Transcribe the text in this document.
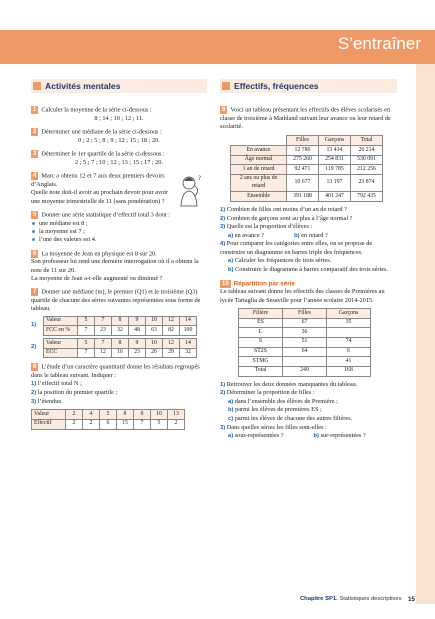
S’entraîner
Activités mentales

1 Calculer la moyenne de la série ci-dessous :

8 ; 14 ; 10 ; 12 ; 11.

2 Déterminer une médiane de la série ci-dessous :

0 ; 2 ; 5 ; 8 ; 9 ; 12 ; 15 ; 18 ; 20.

3 Déterminer le 1er quartile de la série ci-dessous :

2 ; 5 ; 7 ; 10 ; 12 ; 13 ; 15 ; 17 ; 20.

?

4 Marc a obtenu 12 et 7 aux deux premiers devoirs d’Anglais.

Quelle note doit-il avoir au prochain devoir pour avoir une moyenne trimestrielle de 11 (sans pondération) ?

5 Donner une série statistique d’effectif total 3 dont :

une médiane est 8 ;
la moyenne est 7 ;
l’une des valeurs est 4.

6 La moyenne de Jean en physique est 8 sur 20.

Son professeur lui rend une dernière interrogation où il a obtenu la note de 11 sur 20.

La moyenne de Jean a-t-elle augmenté ou diminué ?

7 Donner une médiane (m), le premier (Q1) et le troisième (Q3) quartile de chacune des séries suivantes représentées sous forme de tableau.

1)
Valeur	5	7	8	9	10	12	14
FCC en %	7	23	32	48	63	82	100
2)
Valeur	5	7	8	9	10	12	14
ECC	7	12	16	23	26	29	32

8 L’étude d’un caractère quantitatif donne les résultats regroupés dans le tableau suivant. Indiquer :

1) l’effectif total N ;

2) la position du premier quartile ;

3) l’étendue.

Valeur	2	4	5	8	9	10	13
Effectif	2	2	6	15	7	5	2
Effectifs, fréquences

9 Voici un tableau présentant les effectifs des élèves scolarisés en classe de troisième à Mathland suivant leur avance ou leur retard de scolarité.

	Filles	Garçons	Total
En avance	12 780	13 434	26 214
Âge normal	275 260	254 831	530 091
1 an de retard	92 471	119 785	212 256
2 ans ou plus de retard	10 677	13 197	23 874
Ensemble	391 188	401 247	792 435

1) Combien de filles ont moins d’un an de retard ?

2) Combien de garçons sont au plus à l’âge normal ?

3) Quelle est la proportion d’élèves :

a) en avance ?	b) en retard ?

4) Pour comparer les catégories entre elles, on se propose de construire un diagramme en barres triple des fréquences.

a) Calculer les fréquences de trois séries.

b) Construire le diagramme à barres comparatif des trois séries.

10 Répartition par série

Le tableau suivant donne les effectifs des classes de Premières au lycée Tartaglia de Sesaville pour l’année scolaire 2014-2015.

Filière	Filles	Garçons
ES	67	35
L	36	
S	51	74
ST2S	64	6
STMG		41
Total	249	168

1) Retrouver les deux données manquantes du tableau.

2) Déterminer la proportion de filles :

a) dans l’ensemble des élèves de Première ;

b) parmi les élèves de premières ES ;

c) parmi les élèves de chacune des autres filières.

3) Dans quelles séries les filles sont-elles :

a) sous-représentées ?	b) sur-représentées ?

Chapitre SP1. Statistiques descriptives 15
